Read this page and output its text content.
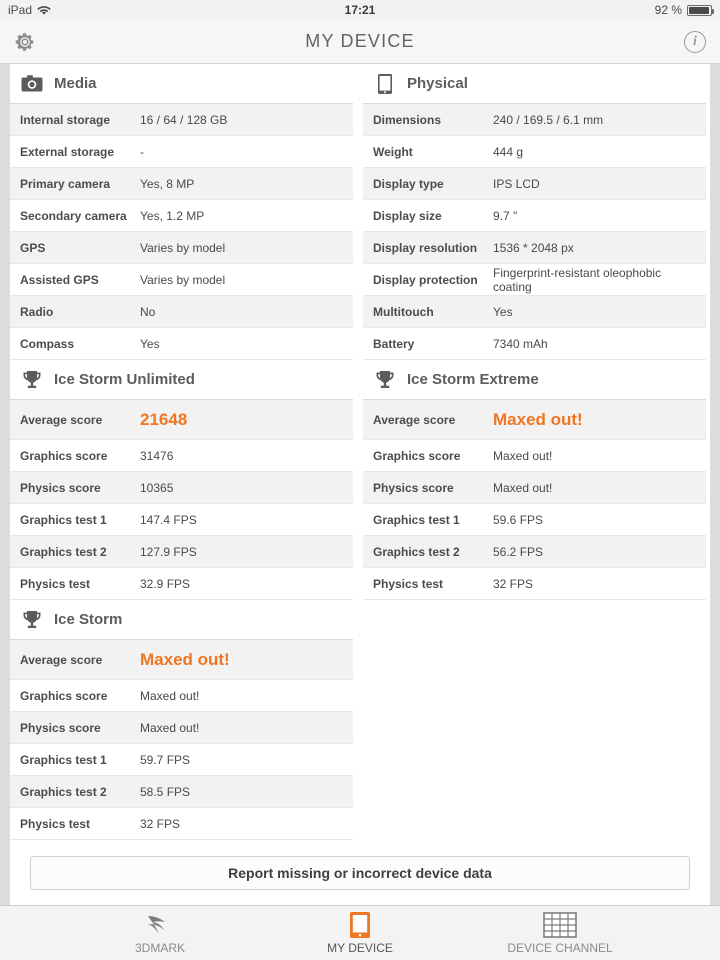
iPad	17:21	92 %
MY DEVICE	i
Media
Internal storage	16 / 64 / 128 GB
External storage	-
Primary camera	Yes, 8 MP
Secondary camera	Yes, 1.2 MP
GPS	Varies by model
Assisted GPS	Varies by model
Radio	No
Compass	Yes
Ice Storm Unlimited
Average score	21648
Graphics score	31476
Physics score	10365
Graphics test 1	147.4 FPS
Graphics test 2	127.9 FPS
Physics test	32.9 FPS
Ice Storm
Average score	Maxed out!
Graphics score	Maxed out!
Physics score	Maxed out!
Graphics test 1	59.7 FPS
Graphics test 2	58.5 FPS
Physics test	32 FPS
Physical
Dimensions	240 / 169.5 / 6.1 mm
Weight	444 g
Display type	IPS LCD
Display size	9.7 "
Display resolution	1536 * 2048 px
Display protection	Fingerprint-resistant oleophobic coating
Multitouch	Yes
Battery	7340 mAh
Ice Storm Extreme
Average score	Maxed out!
Graphics score	Maxed out!
Physics score	Maxed out!
Graphics test 1	59.6 FPS
Graphics test 2	56.2 FPS
Physics test	32 FPS
Report missing or incorrect device data
3DMARK	MY DEVICE	DEVICE CHANNEL
